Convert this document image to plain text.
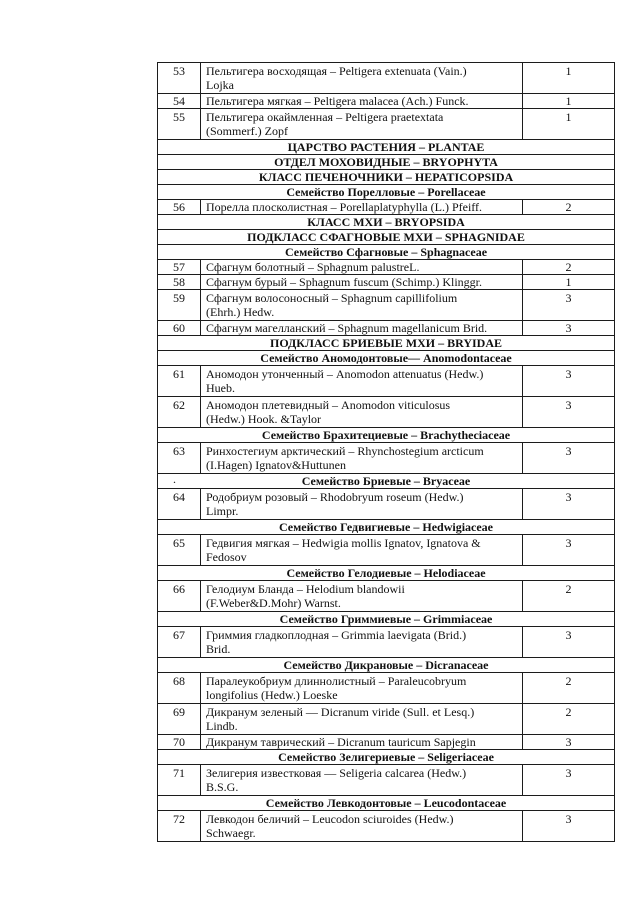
53	Пельтигера восходящая – Peltigera extenuata (Vain.)
Lojka	1
54	Пельтигера мягкая – Peltigera malacea (Ach.) Funck.	1
55	Пельтигера окаймленная – Peltigera praetextata
(Sommerf.) Zopf	1
ЦАРСТВО РАСТЕНИЯ – PLANTAE		
ОТДЕЛ МОХОВИДНЫЕ – BRYOPHYTA		
КЛАСС ПЕЧЕНОЧНИКИ – HEPATICOPSIDA		
Семейство Порелловые – Porellaceae		
56	Порелла плосколистная – Porellaplatyphylla (L.) Pfeiff.	2
КЛАСС МХИ – BRYOPSIDA		
ПОДКЛАСС СФАГНОВЫЕ МХИ – SPHAGNIDAE		
Семейство Сфагновые – Sphagnaceae		
57	Сфагнум болотный – Sphagnum palustreL.	2
58	Сфагнум бурый – Sphagnum fuscum (Schimp.) Klinggr.	1
59	Сфагнум волосоносный – Sphagnum capillifolium
(Ehrh.) Hedw.	3
60	Сфагнум магелланский – Sphagnum magellanicum Brid.	3
ПОДКЛАСС БРИЕВЫЕ МХИ – BRYIDAE		
Семейство Аномодонтовые— Anomodontaceae		
61	Аномодон утонченный – Anomodon attenuatus (Hedw.)
Hueb.	3
62	Аномодон плетевидный – Anomodon viticulosus
(Hedw.) Hook. &Taylor	3
Семейство Брахитециевые – Brachytheciaceae		
63	Ринхостегиум арктический – Rhynchostegium arcticum
(I.Hagen) Ignatov&Huttunen	3

. Семейство Бриевые – Bryaceae		
64	Родобриум розовый – Rhodobryum roseum (Hedw.)
Limpr.	3
Семейство Гедвигиевые – Hedwigiaceae		
65	Гедвигия мягкая – Hedwigia mollis Ignatov, Ignatova &
Fedosov	3
Семейство Гелодиевые – Helodiaceae		
66	Гелодиум Бланда – Helodium blandowii
(F.Weber&D.Mohr) Warnst.	2
Семейство Гриммиевые – Grimmiaceae		
67	Гриммия гладкоплодная – Grimmia laevigata (Brid.)
Brid.	3
Семейство Дикрановые – Dicranaceae		
68	Паралеукобриум длиннолистный – Paraleucobryum
longifolius (Hedw.) Loeske	2
69	Дикранум зеленый — Dicranum viride (Sull. et Lesq.)
Lindb.	2
70	Дикранум таврический – Dicranum tauricum Sapjegin	3
Семейство Зелигериевые – Seligeriaceae		
71	Зелигерия известковая — Seligeria calcarea (Hedw.)
B.S.G.	3
Семейство Левкодонтовые – Leucodontaceae		
72	Левкодон беличий – Leucodon sciuroides (Hedw.)
Schwaegr.	3
